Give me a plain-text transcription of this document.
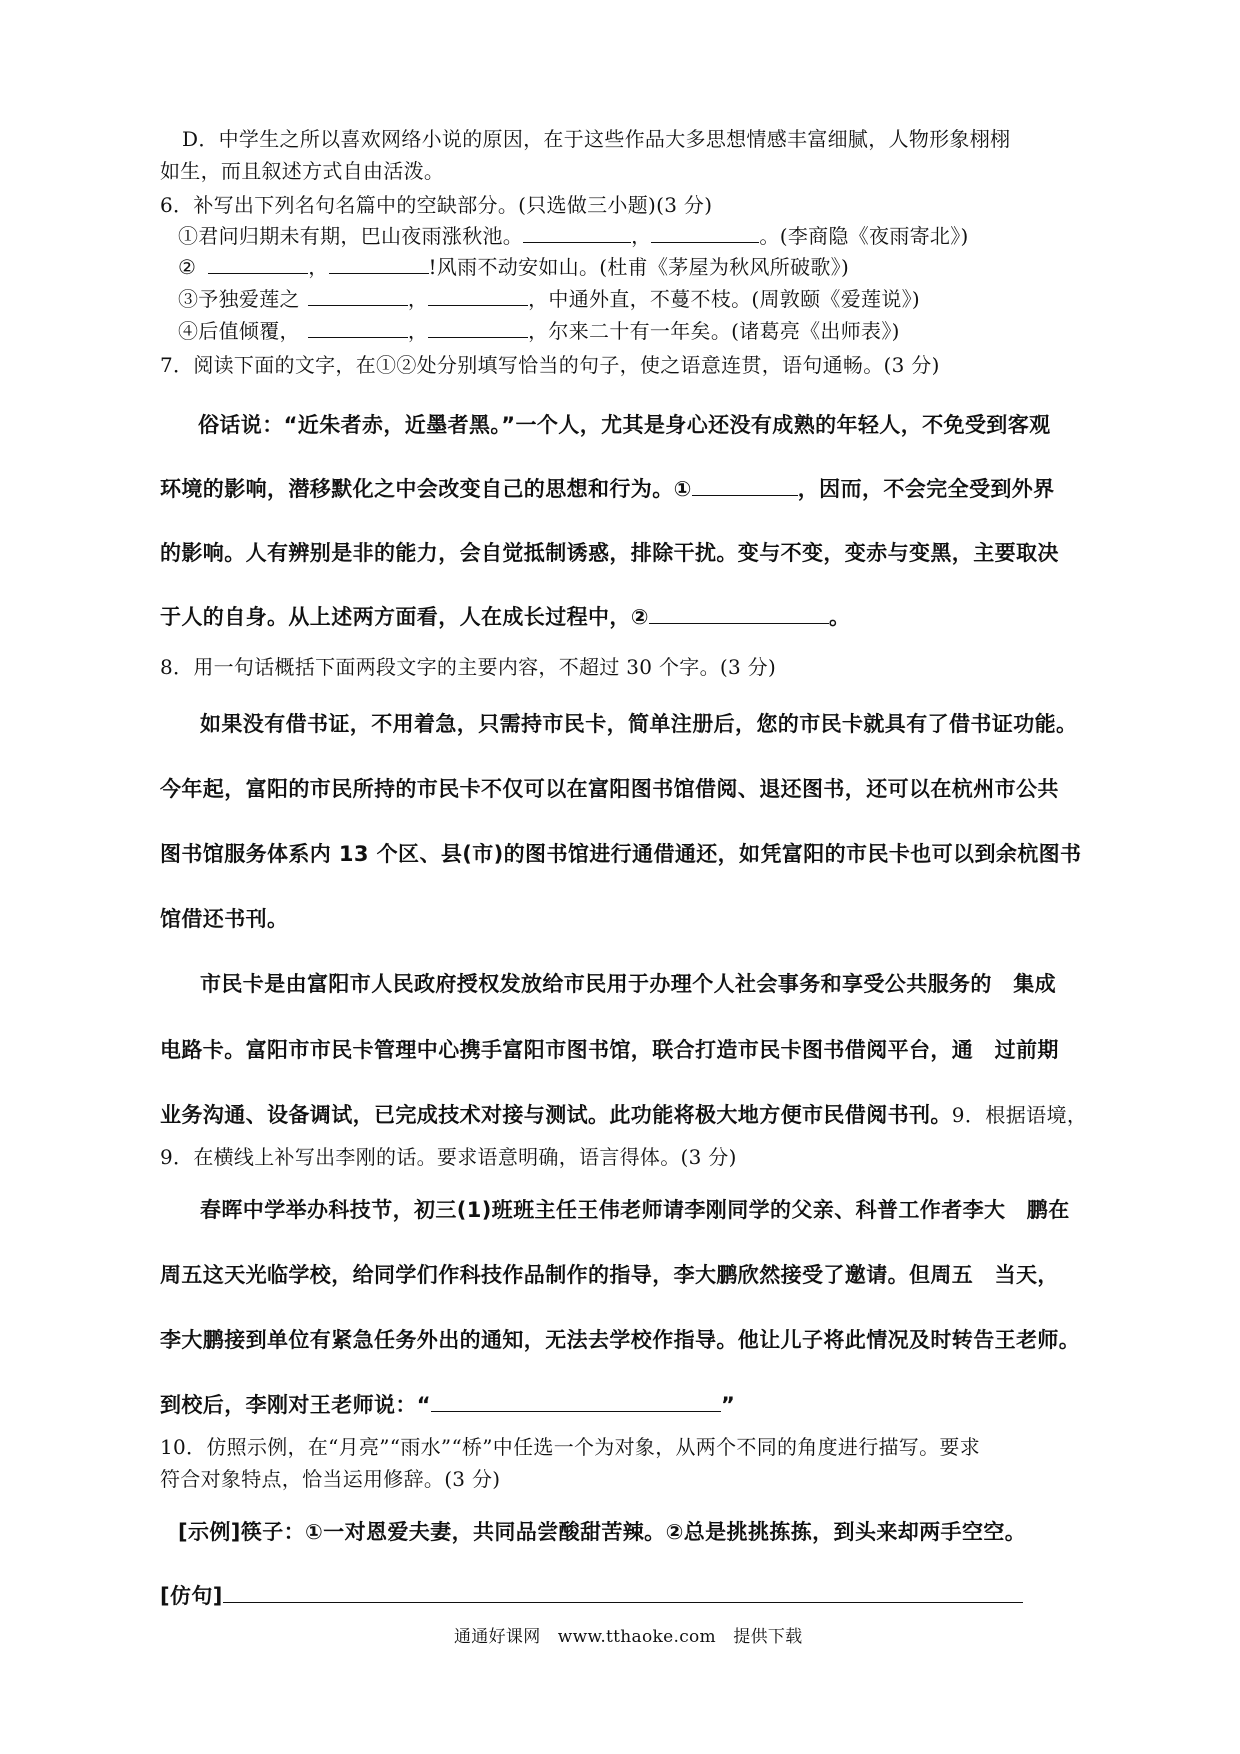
D．中学生之所以喜欢网络小说的原因，在于这些作品大多思想情感丰富细腻，人物形象栩栩
如生，而且叙述方式自由活泼。
6．补写出下列名句名篇中的空缺部分。(只选做三小题)(3 分)
①君问归期未有期，巴山夜雨涨秋池。	，	。(李商隐《夜雨寄北》)
②	，	!风雨不动安如山。(杜甫《茅屋为秋风所破歌》)
③予独爱莲之	，	，中通外直，不蔓不枝。(周敦颐《爱莲说》)
④后值倾覆，	，	，尔来二十有一年矣。(诸葛亮《出师表》)
7．阅读下面的文字，在①②处分别填写恰当的句子，使之语意连贯，语句通畅。(3 分)
俗话说：“近朱者赤，近墨者黑。”一个人，尤其是身心还没有成熟的年轻人，不免受到客观
环境的影响，潜移默化之中会改变自己的思想和行为。①	，因而，不会完全受到外界
的影响。人有辨别是非的能力，会自觉抵制诱惑，排除干扰。变与不变，变赤与变黑，主要取决
于人的自身。从上述两方面看，人在成长过程中，②	。
8．用一句话概括下面两段文字的主要内容，不超过 30 个字。(3 分)
如果没有借书证，不用着急，只需持市民卡，简单注册后，您的市民卡就具有了借书证功能。
今年起，富阳的市民所持的市民卡不仅可以在富阳图书馆借阅、退还图书，还可以在杭州市公共
图书馆服务体系内 13 个区、县(市)的图书馆进行通借通还，如凭富阳的市民卡也可以到余杭图书
馆借还书刊。
市民卡是由富阳市人民政府授权发放给市民用于办理个人社会事务和享受公共服务的　集成
电路卡。富阳市市民卡管理中心携手富阳市图书馆，联合打造市民卡图书借阅平台，通　过前期
业务沟通、设备调试，已完成技术对接与测试。此功能将极大地方便市民借阅书刊。9．根据语境，
9．在横线上补写出李刚的话。要求语意明确，语言得体。(3 分)
春晖中学举办科技节，初三(1)班班主任王伟老师请李刚同学的父亲、科普工作者李大　鹏在
周五这天光临学校，给同学们作科技作品制作的指导，李大鹏欣然接受了邀请。但周五　当天，
李大鹏接到单位有紧急任务外出的通知，无法去学校作指导。他让儿子将此情况及时转告王老师。
到校后，李刚对王老师说：“	”
10．仿照示例，在“月亮”“雨水”“桥”中任选一个为对象，从两个不同的角度进行描写。要求
符合对象特点，恰当运用修辞。(3 分)
[示例]筷子：①一对恩爱夫妻，共同品尝酸甜苦辣。②总是挑挑拣拣，到头来却两手空空。
[仿句]
通通好课网　www.tthaoke.com　提供下载
